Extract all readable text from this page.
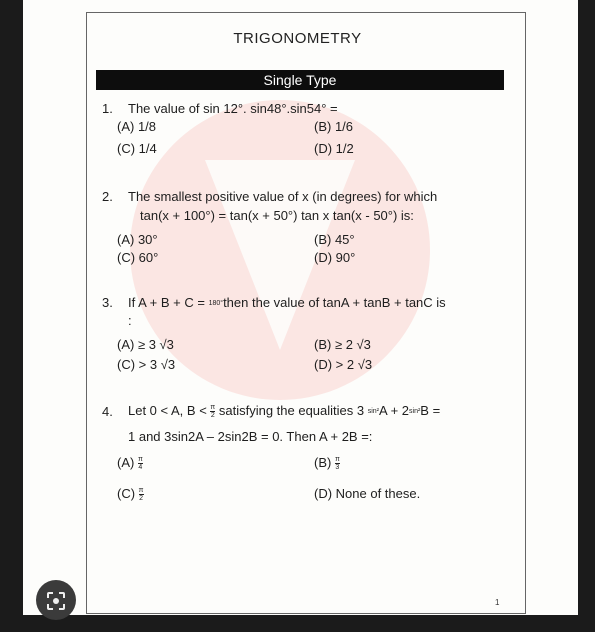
TRIGONOMETRY
Single Type
1. The value of sin 12°. sin48°.sin54° =
(A) 1/8	(B) 1/6
(C) 1/4	(D) 1/2
2. The smallest positive value of x (in degrees) for which
tan(x + 100°) = tan(x + 50°) tan x tan(x - 50°) is:
(A) 30°	(B) 45°
(C) 60°	(D) 90°
3. If A + B + C = 180°then the value of tanA + tanB + tanC is
:
(A) ≥ 3 √3	(B) ≥ 2 √3
(C) > 3 √3	(D) > 2 √3
4. Let 0 < A, $B < \frac{\pi}{2}$ satisfying the equalities 3 sin²A + 2sin²B =
1 and 3sin2A – 2sin2B = 0. Then A + 2B =:
$(A) \frac{\pi}{4}$	$(B) \frac{\pi}{3}$
$(C) \frac{\pi}{2}$	(D) None of these.
1
